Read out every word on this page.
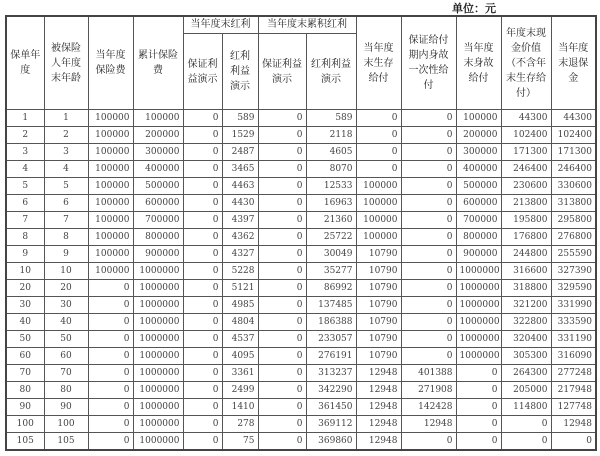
单位：元
保单年度	被保险人年度末年龄	当年度保险费	累计保险费	当年度末红利		当年度末累积红利		当年度末生存给付	保证给付期内身故一次性给付	当年度末身故给付	年度末现金价值（不含年末生存给付）	当年度末退保金
				保证利益演示	红利利益演示	保证利益演示	红利利益演示					
1	1	100000	100000	0	589	0	589	0	0	100000	44300	44300
2	2	100000	200000	0	1529	0	2118	0	0	200000	102400	102400
3	3	100000	300000	0	2487	0	4605	0	0	300000	171300	171300
4	4	100000	400000	0	3465	0	8070	0	0	400000	246400	246400
5	5	100000	500000	0	4463	0	12533	100000	0	500000	230600	330600
6	6	100000	600000	0	4430	0	16963	100000	0	600000	213800	313800
7	7	100000	700000	0	4397	0	21360	100000	0	700000	195800	295800
8	8	100000	800000	0	4362	0	25722	100000	0	800000	176800	276800
9	9	100000	900000	0	4327	0	30049	10790	0	900000	244800	255590
10	10	100000	1000000	0	5228	0	35277	10790	0	1000000	316600	327390
20	20	0	1000000	0	5121	0	86992	10790	0	1000000	318800	329590
30	30	0	1000000	0	4985	0	137485	10790	0	1000000	321200	331990
40	40	0	1000000	0	4804	0	186388	10790	0	1000000	322800	333590
50	50	0	1000000	0	4537	0	233057	10790	0	1000000	320400	331190
60	60	0	1000000	0	4095	0	276191	10790	0	1000000	305300	316090
70	70	0	1000000	0	3361	0	313237	12948	401388	0	264300	277248
80	80	0	1000000	0	2499	0	342290	12948	271908	0	205000	217948
90	90	0	1000000	0	1410	0	361450	12948	142428	0	114800	127748
100	100	0	1000000	0	278	0	369112	12948	12948	0	0	12948
105	105	0	1000000	0	75	0	369860	12948	0	0	0	0
